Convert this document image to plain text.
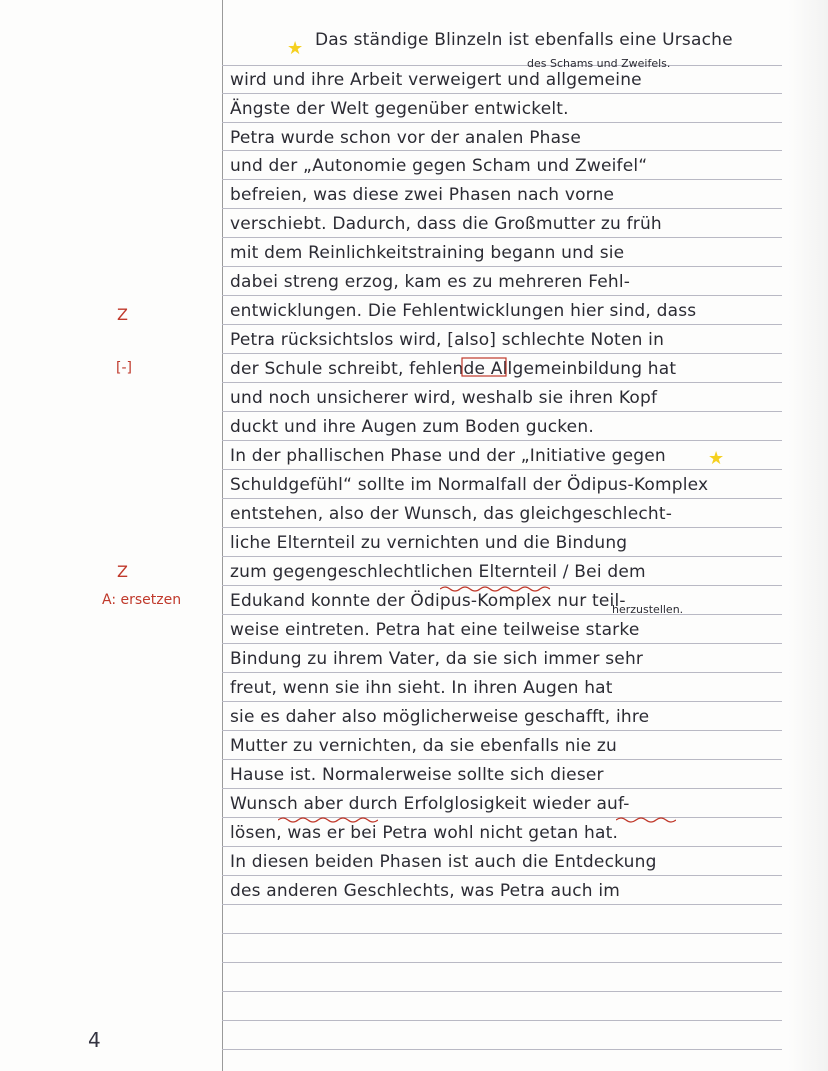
★
★
des Schams und Zweifels.
herzustellen.
Das ständige Blinzeln ist ebenfalls eine Ursache
wird und ihre Arbeit verweigert und allgemeine
Ängste der Welt gegenüber entwickelt.
Petra wurde schon vor der analen Phase
und der „Autonomie gegen Scham und Zweifel“
befreien, was diese zwei Phasen nach vorne
verschiebt. Dadurch, dass die Großmutter zu früh
mit dem Reinlichkeitstraining begann und sie
dabei streng erzog, kam es zu mehreren Fehl-
entwicklungen. Die Fehlentwicklungen hier sind, dass
Petra rücksichtslos wird, [also] schlechte Noten in
der Schule schreibt, fehlende Allgemeinbildung hat
und noch unsicherer wird, weshalb sie ihren Kopf
duckt und ihre Augen zum Boden gucken.
In der phallischen Phase und der „Initiative gegen
Schuldgefühl“ sollte im Normalfall der Ödipus-Komplex
entstehen, also der Wunsch, das gleichgeschlecht-
liche Elternteil zu vernichten und die Bindung
zum gegengeschlechtlichen Elternteil / Bei dem
Edukand konnte der Ödipus-Komplex nur teil-
weise eintreten. Petra hat eine teilweise starke
Bindung zu ihrem Vater, da sie sich immer sehr
freut, wenn sie ihn sieht. In ihren Augen hat
sie es daher also möglicherweise geschafft, ihre
Mutter zu vernichten, da sie ebenfalls nie zu
Hause ist. Normalerweise sollte sich dieser
Wunsch aber durch Erfolglosigkeit wieder auf-
lösen, was er bei Petra wohl nicht getan hat.
In diesen beiden Phasen ist auch die Entdeckung
des anderen Geschlechts, was Petra auch im
Z
[-]
Z
A: ersetzen
4
